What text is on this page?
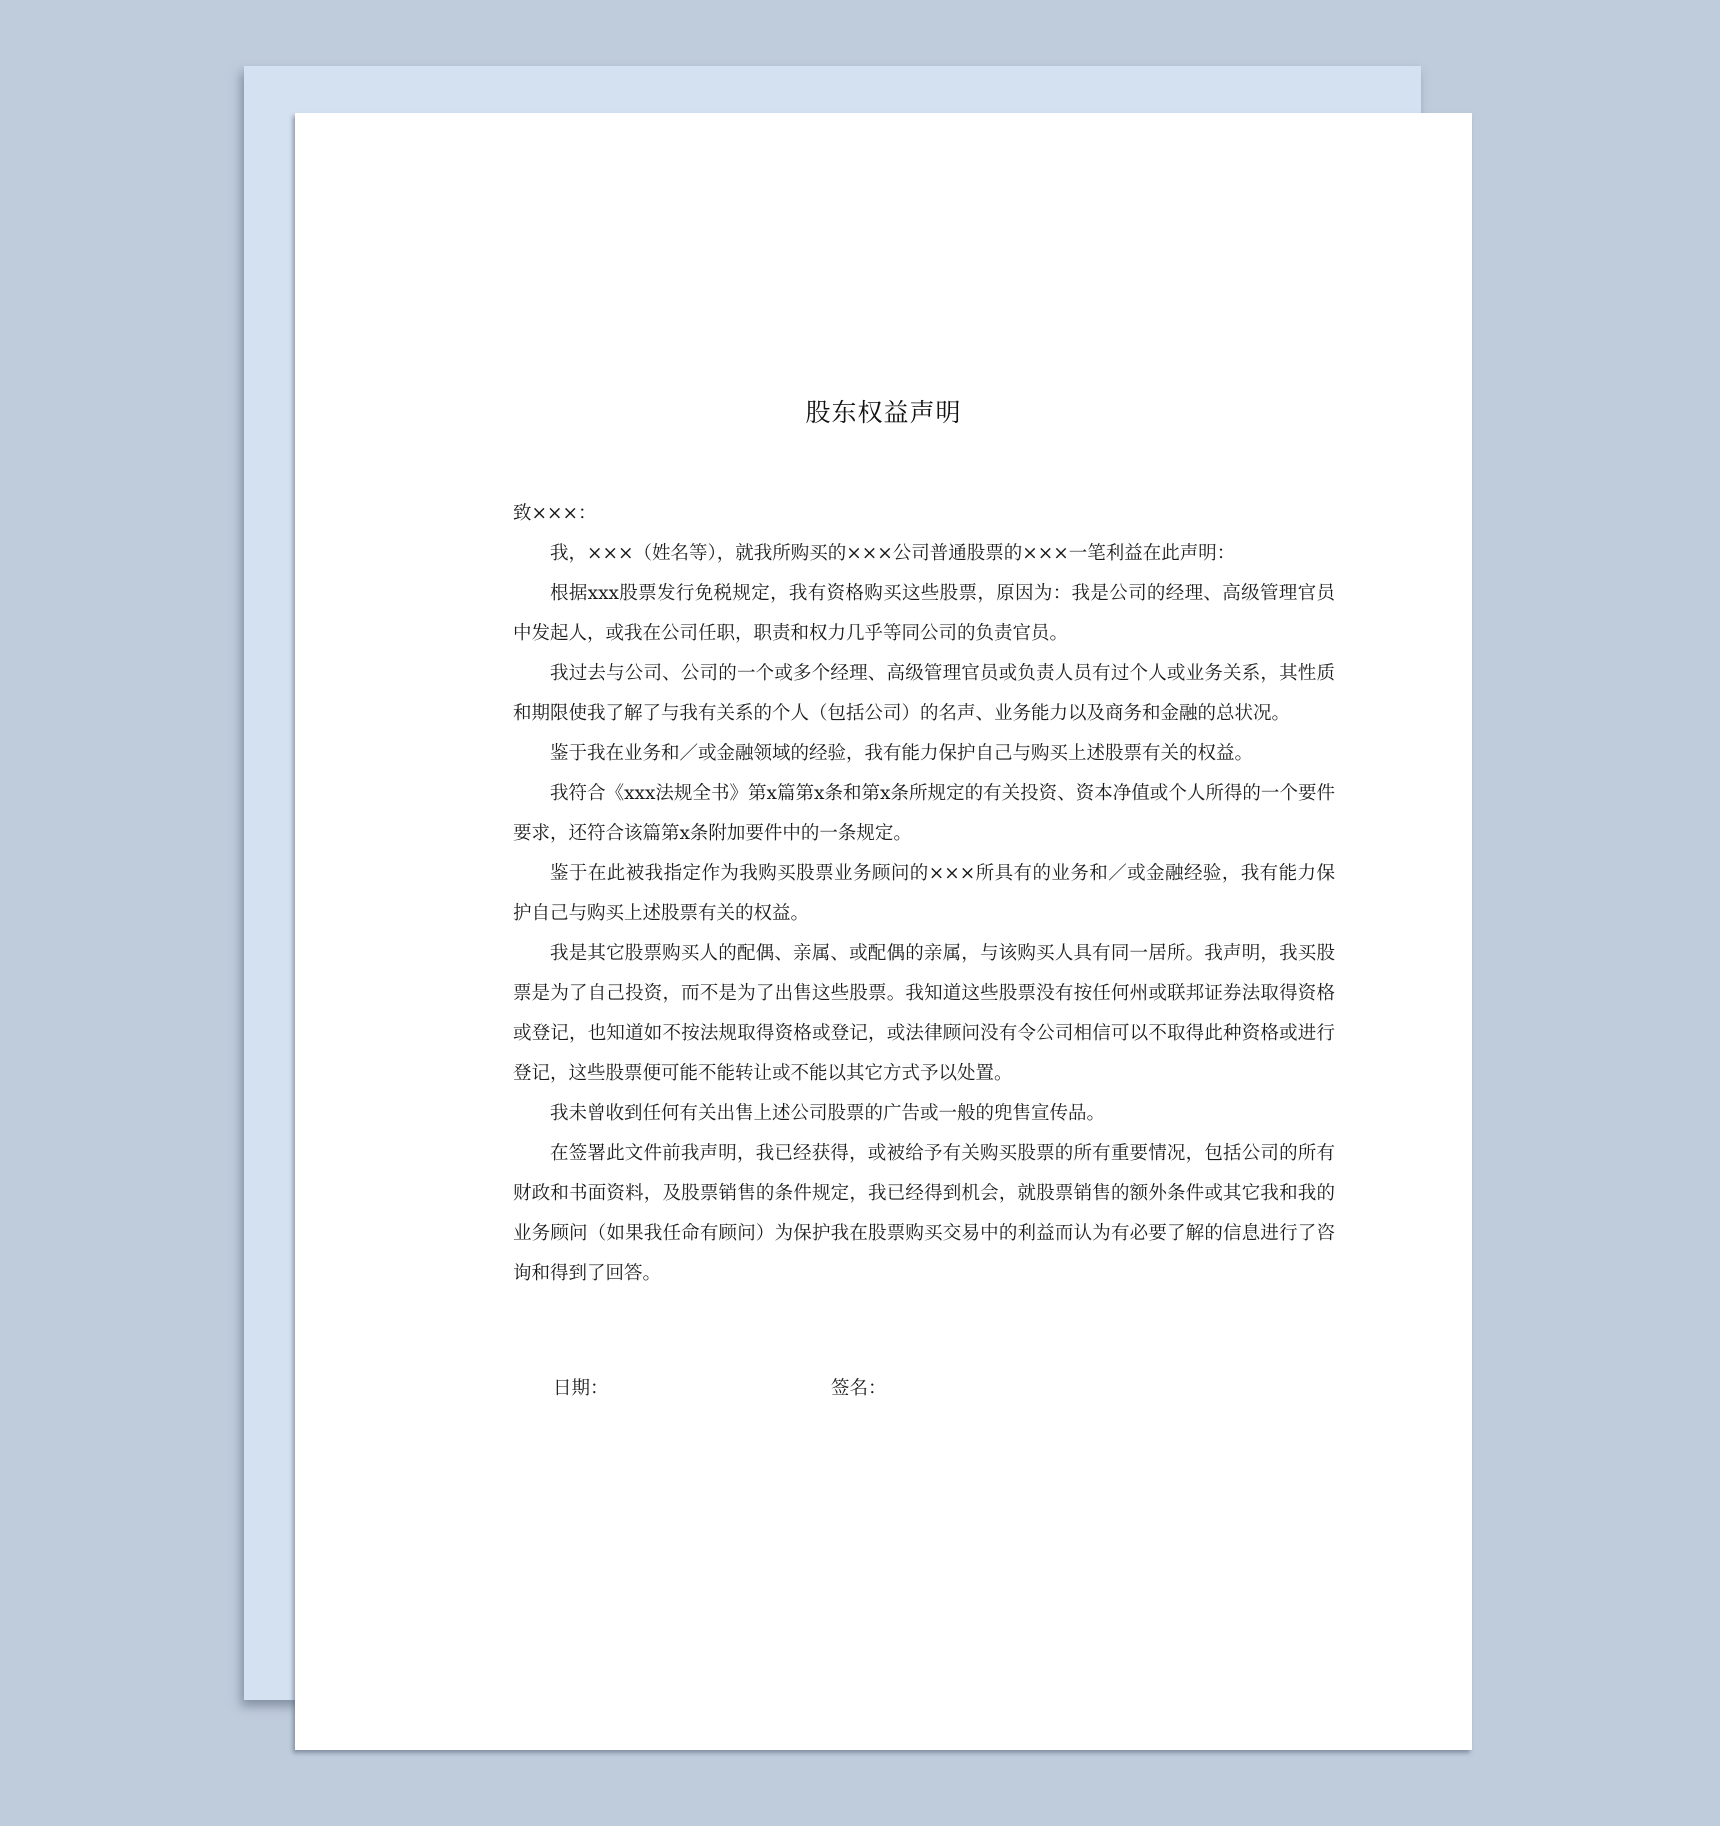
股东权益声明

致×××：

我，×××（姓名等），就我所购买的×××公司普通股票的×××一笔利益在此声明：

根据xxx股票发行免税规定，我有资格购买这些股票，原因为：我是公司的经理、高级管理官员中发起人，或我在公司任职，职责和权力几乎等同公司的负责官员。

我过去与公司、公司的一个或多个经理、高级管理官员或负责人员有过个人或业务关系，其性质和期限使我了解了与我有关系的个人（包括公司）的名声、业务能力以及商务和金融的总状况。

鉴于我在业务和／或金融领域的经验，我有能力保护自己与购买上述股票有关的权益。

我符合《xxx法规全书》第x篇第x条和第x条所规定的有关投资、资本净值或个人所得的一个要件要求，还符合该篇第x条附加要件中的一条规定。

鉴于在此被我指定作为我购买股票业务顾问的×××所具有的业务和／或金融经验，我有能力保护自己与购买上述股票有关的权益。

我是其它股票购买人的配偶、亲属、或配偶的亲属，与该购买人具有同一居所。我声明，我买股票是为了自己投资，而不是为了出售这些股票。我知道这些股票没有按任何州或联邦证券法取得资格或登记，也知道如不按法规取得资格或登记，或法律顾问没有令公司相信可以不取得此种资格或进行登记，这些股票便可能不能转让或不能以其它方式予以处置。

我未曾收到任何有关出售上述公司股票的广告或一般的兜售宣传品。

在签署此文件前我声明，我已经获得，或被给予有关购买股票的所有重要情况，包括公司的所有财政和书面资料，及股票销售的条件规定，我已经得到机会，就股票销售的额外条件或其它我和我的业务顾问（如果我任命有顾问）为保护我在股票购买交易中的利益而认为有必要了解的信息进行了咨询和得到了回答。

日期：	签名：
